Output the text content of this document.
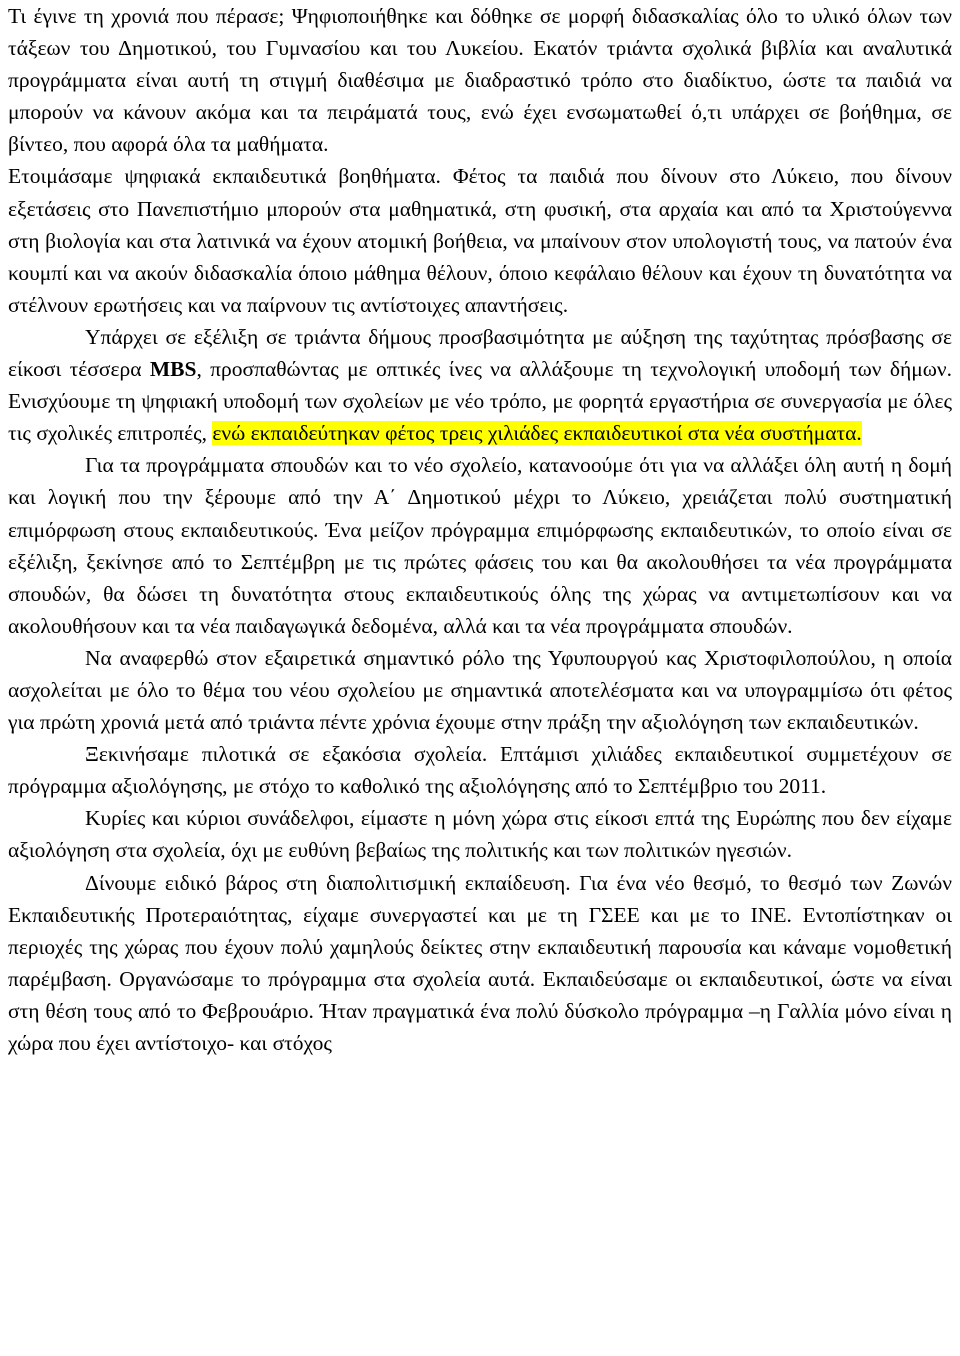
Τι έγινε τη χρονιά που πέρασε; Ψηφιοποιήθηκε και δόθηκε σε μορφή διδασκαλίας όλο το υλικό όλων των τάξεων του Δημοτικού, του Γυμνασίου και του Λυκείου. Εκατόν τριάντα σχολικά βιβλία και αναλυτικά προγράμματα είναι αυτή τη στιγμή διαθέσιμα με διαδραστικό τρόπο στο διαδίκτυο, ώστε τα παιδιά να μπορούν να κάνουν ακόμα και τα πειράματά τους, ενώ έχει ενσωματωθεί ό,τι υπάρχει σε βοήθημα, σε βίντεο, που αφορά όλα τα μαθήματα.

Ετοιμάσαμε ψηφιακά εκπαιδευτικά βοηθήματα. Φέτος τα παιδιά που δίνουν στο Λύκειο, που δίνουν εξετάσεις στο Πανεπιστήμιο μπορούν στα μαθηματικά, στη φυσική, στα αρχαία και από τα Χριστούγεννα στη βιολογία και στα λατινικά να έχουν ατομική βοήθεια, να μπαίνουν στον υπολογιστή τους, να πατούν ένα κουμπί και να ακούν διδασκαλία όποιο μάθημα θέλουν, όποιο κεφάλαιο θέλουν και έχουν τη δυνατότητα να στέλνουν ερωτήσεις και να παίρνουν τις αντίστοιχες απαντήσεις.

Υπάρχει σε εξέλιξη σε τριάντα δήμους προσβασιμότητα με αύξηση της ταχύτητας πρόσβασης σε είκοσι τέσσερα MBS, προσπαθώντας με οπτικές ίνες να αλλάξουμε τη τεχνολογική υποδομή των δήμων. Ενισχύουμε τη ψηφιακή υποδομή των σχολείων με νέο τρόπο, με φορητά εργαστήρια σε συνεργασία με όλες τις σχολικές επιτροπές, ενώ εκπαιδεύτηκαν φέτος τρεις χιλιάδες εκπαιδευτικοί στα νέα συστήματα.

Για τα προγράμματα σπουδών και το νέο σχολείο, κατανοούμε ότι για να αλλάξει όλη αυτή η δομή και λογική που την ξέρουμε από την Α΄ Δημοτικού μέχρι το Λύκειο, χρειάζεται πολύ συστηματική επιμόρφωση στους εκπαιδευτικούς. Ένα μείζον πρόγραμμα επιμόρφωσης εκπαιδευτικών, το οποίο είναι σε εξέλιξη, ξεκίνησε από το Σεπτέμβρη με τις πρώτες φάσεις του και θα ακολουθήσει τα νέα προγράμματα σπουδών, θα δώσει τη δυνατότητα στους εκπαιδευτικούς όλης της χώρας να αντιμετωπίσουν και να ακολουθήσουν και τα νέα παιδαγωγικά δεδομένα, αλλά και τα νέα προγράμματα σπουδών.

Να αναφερθώ στον εξαιρετικά σημαντικό ρόλο της Υφυπουργού κας Χριστοφιλοπούλου, η οποία ασχολείται με όλο το θέμα του νέου σχολείου με σημαντικά αποτελέσματα και να υπογραμμίσω ότι φέτος για πρώτη χρονιά μετά από τριάντα πέντε χρόνια έχουμε στην πράξη την αξιολόγηση των εκπαιδευτικών.

Ξεκινήσαμε πιλοτικά σε εξακόσια σχολεία. Επτάμισι χιλιάδες εκπαιδευτικοί συμμετέχουν σε πρόγραμμα αξιολόγησης, με στόχο το καθολικό της αξιολόγησης από το Σεπτέμβριο του 2011.

Κυρίες και κύριοι συνάδελφοι, είμαστε η μόνη χώρα στις είκοσι επτά της Ευρώπης που δεν είχαμε αξιολόγηση στα σχολεία, όχι με ευθύνη βεβαίως της πολιτικής και των πολιτικών ηγεσιών.

Δίνουμε ειδικό βάρος στη διαπολιτισμική εκπαίδευση. Για ένα νέο θεσμό, το θεσμό των Ζωνών Εκπαιδευτικής Προτεραιότητας, είχαμε συνεργαστεί και με τη ΓΣΕΕ και με το ΙΝΕ. Εντοπίστηκαν οι περιοχές της χώρας που έχουν πολύ χαμηλούς δείκτες στην εκπαιδευτική παρουσία και κάναμε νομοθετική παρέμβαση. Οργανώσαμε το πρόγραμμα στα σχολεία αυτά. Εκπαιδεύσαμε οι εκπαιδευτικοί, ώστε να είναι στη θέση τους από το Φεβρουάριο. Ήταν πραγματικά ένα πολύ δύσκολο πρόγραμμα –η Γαλλία μόνο είναι η χώρα που έχει αντίστοιχο- και στόχος
